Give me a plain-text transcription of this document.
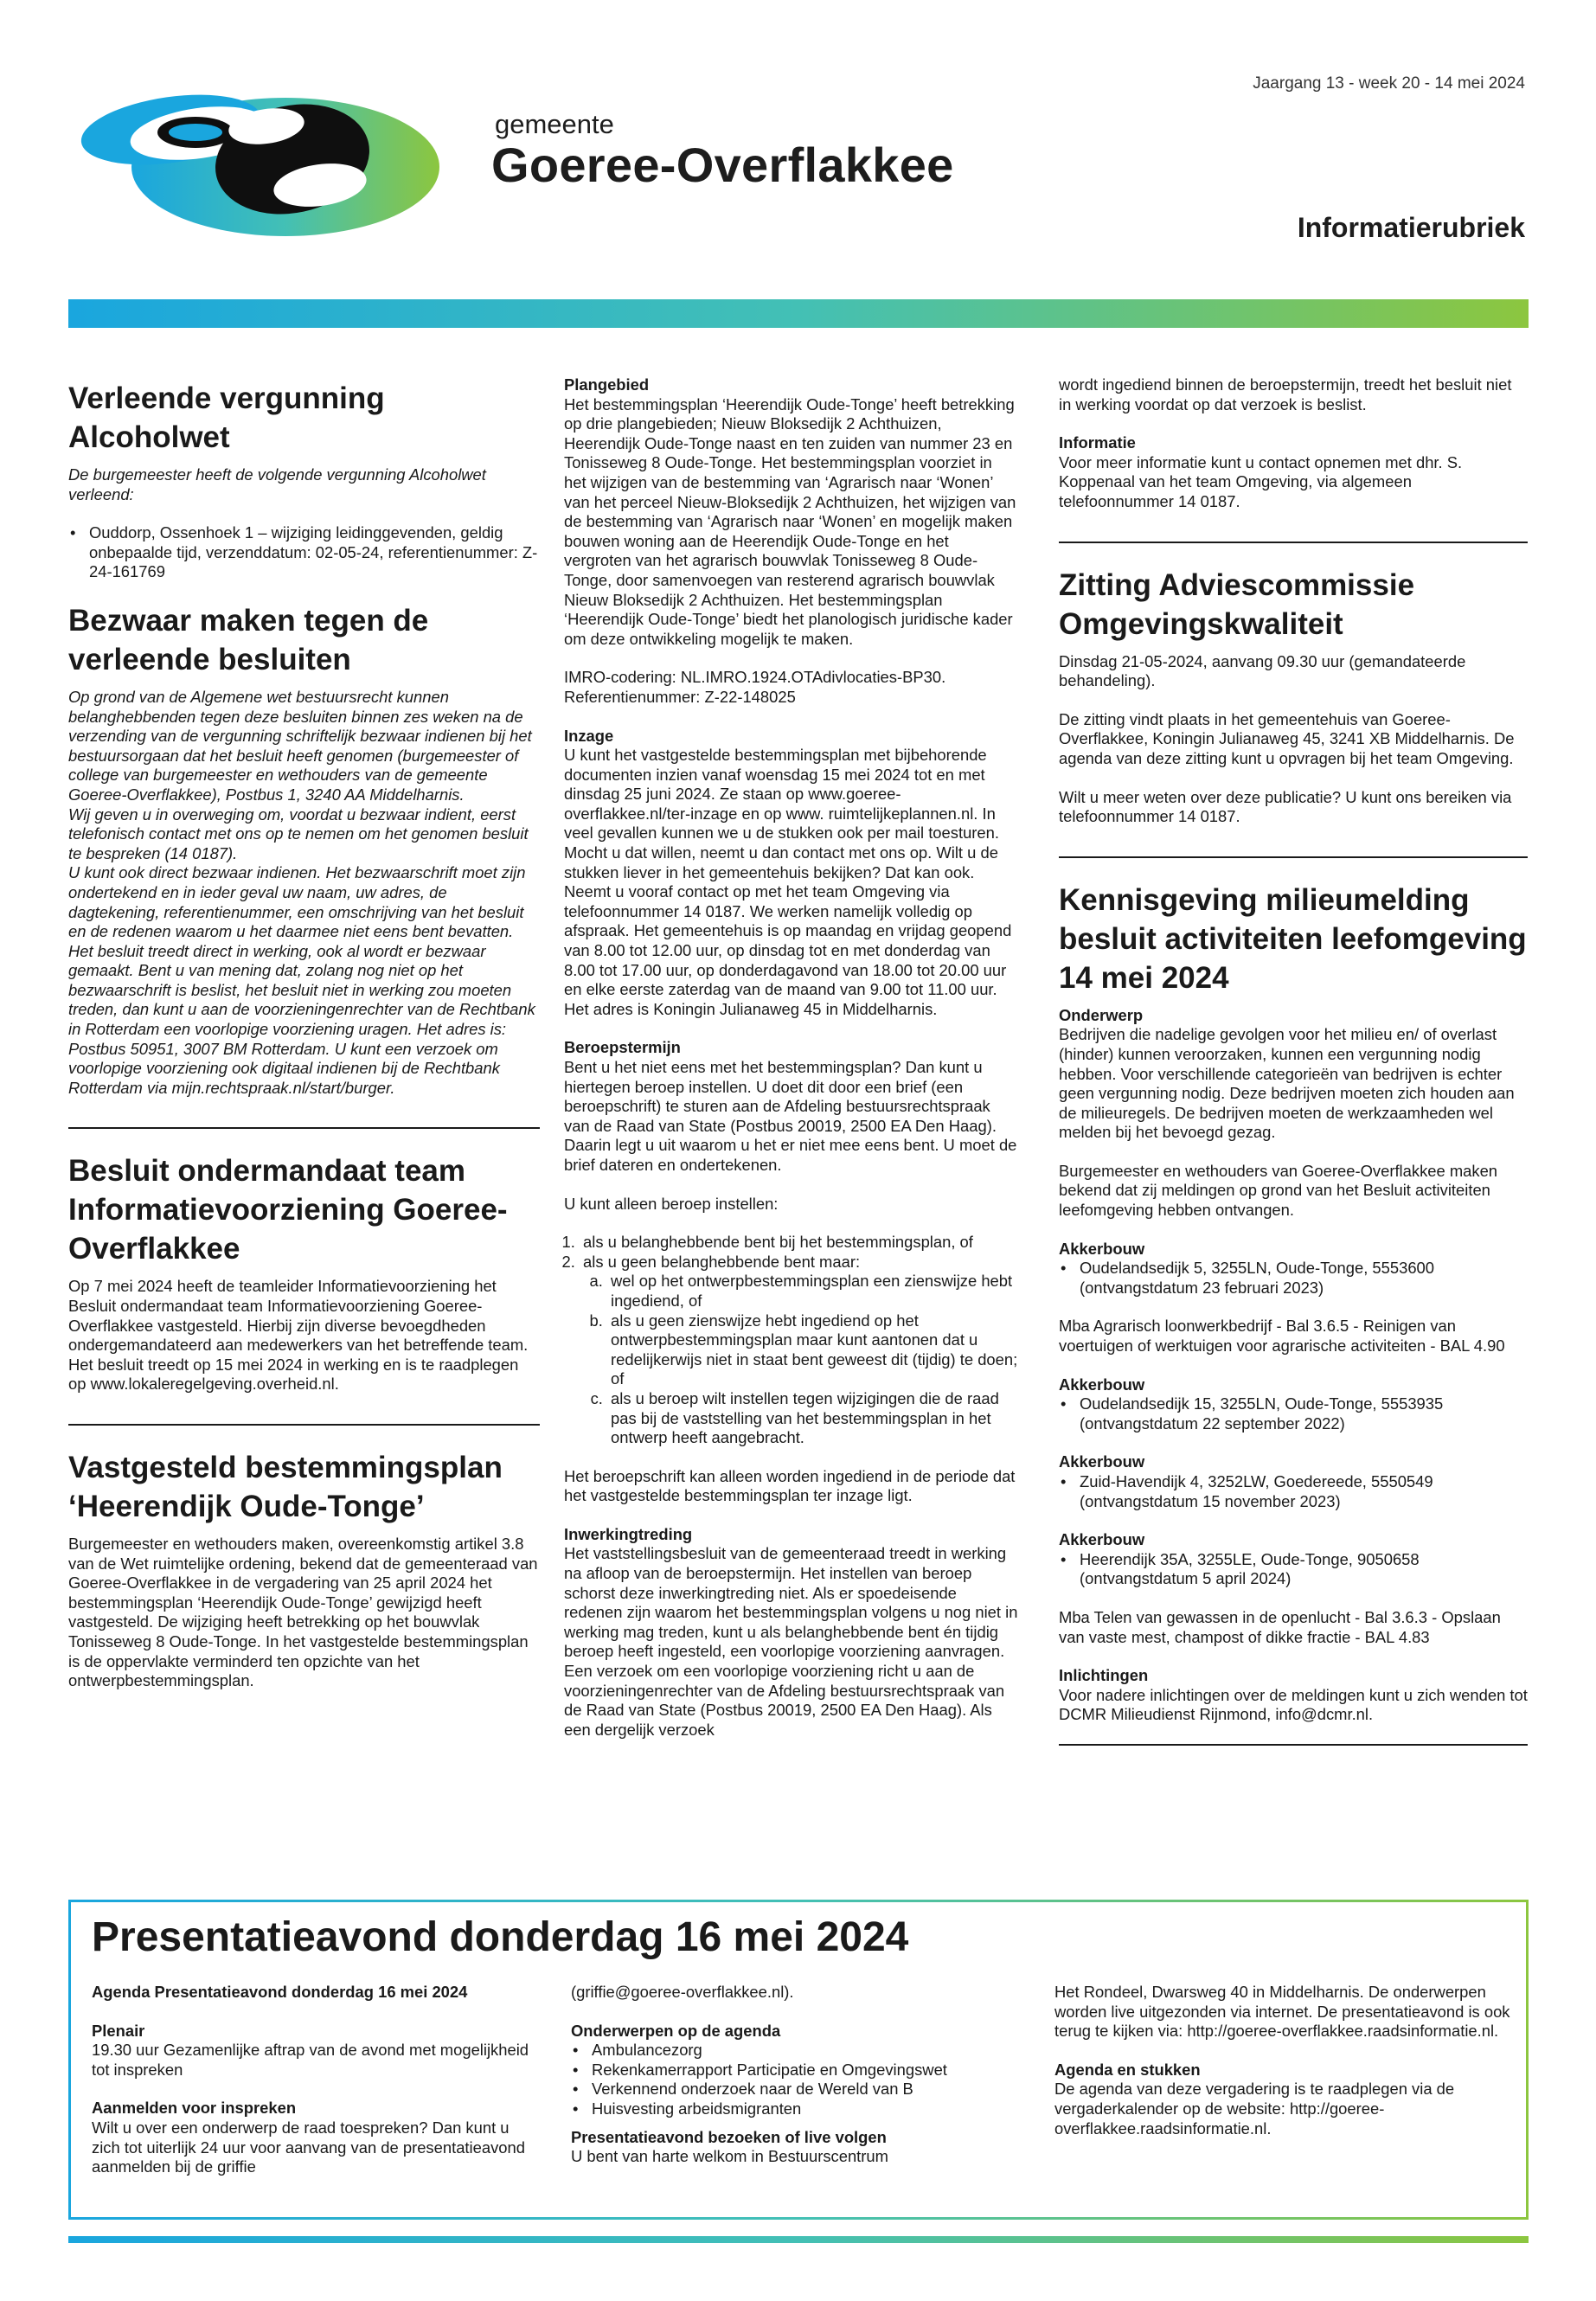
Jaargang 13 - week 20 - 14 mei 2024
gemeente
Goeree-Overflakkee
Informatierubriek
Verleende vergunning Alcoholwet

De burgemeester heeft de volgende vergunning Alcoholwet verleend:

• Ouddorp, Ossenhoek 1 – wijziging leidinggevenden, geldig onbepaalde tijd, verzenddatum: 02-05-24, referentienummer: Z-24-161769
Bezwaar maken tegen de verleende besluiten
Op grond van de Algemene wet bestuursrecht kunnen belanghebbenden tegen deze besluiten binnen zes weken na de verzending van de vergunning schriftelijk bezwaar indienen bij het bestuursorgaan dat het besluit heeft genomen (burgemeester of college van burgemeester en wethouders van de gemeente Goeree-Overflakkee), Postbus 1, 3240 AA Middelharnis.
Wij geven u in overweging om, voordat u bezwaar indient, eerst telefonisch contact met ons op te nemen om het genomen besluit te bespreken (14 0187).
U kunt ook direct bezwaar indienen. Het bezwaarschrift moet zijn ondertekend en in ieder geval uw naam, uw adres, de dagtekening, referentienummer, een omschrijving van het besluit en de redenen waarom u het daarmee niet eens bent bevatten.
Het besluit treedt direct in werking, ook al wordt er bezwaar gemaakt. Bent u van mening dat, zolang nog niet op het bezwaarschrift is beslist, het besluit niet in werking zou moeten treden, dan kunt u aan de voorzieningenrechter van de Rechtbank in Rotterdam een voorlopige voorziening uragen. Het adres is: Postbus 50951, 3007 BM Rotterdam. U kunt een verzoek om voorlopige voorziening ook digitaal indienen bij de Rechtbank Rotterdam via mijn.rechtspraak.nl/start/burger.
Besluit ondermandaat team Informatievoorziening Goeree-Overflakkee

Op 7 mei 2024 heeft de teamleider Informatievoorziening het Besluit ondermandaat team Informatievoorziening Goeree-Overflakkee vastgesteld. Hierbij zijn diverse bevoegdheden ondergemandateerd aan medewerkers van het betreffende team. Het besluit treedt op 15 mei 2024 in werking en is te raadplegen op www.lokaleregelgeving.overheid.nl.

Vastgesteld bestemmingsplan ‘Heerendijk Oude-Tonge’

Burgemeester en wethouders maken, overeenkomstig artikel 3.8 van de Wet ruimtelijke ordening, bekend dat de gemeenteraad van Goeree-Overflakkee in de vergadering van 25 april 2024 het bestemmingsplan ‘Heerendijk Oude-Tonge’ gewijzigd heeft vastgesteld. De wijziging heeft betrekking op het bouwvlak Tonisseweg 8 Oude-Tonge. In het vastgestelde bestemmingsplan is de oppervlakte verminderd ten opzichte van het ontwerpbestemmingsplan.

Plangebied

Het bestemmingsplan ‘Heerendijk Oude-Tonge’ heeft betrekking op drie plangebieden; Nieuw Bloksedijk 2 Achthuizen, Heerendijk Oude-Tonge naast en ten zuiden van nummer 23 en Tonisseweg 8 Oude-Tonge. Het bestemmingsplan voorziet in het wijzigen van de bestemming van ‘Agrarisch naar ‘Wonen’ van het perceel Nieuw-Bloksedijk 2 Achthuizen, het wijzigen van de bestemming van ‘Agrarisch naar ‘Wonen’ en mogelijk maken bouwen woning aan de Heerendijk Oude-Tonge en het vergroten van het agrarisch bouwvlak Tonisseweg 8 Oude-Tonge, door samenvoegen van resterend agrarisch bouwvlak Nieuw Bloksedijk 2 Achthuizen. Het bestemmingsplan ‘Heerendijk Oude-Tonge’ biedt het planologisch juridische kader om deze ontwikkeling mogelijk te maken.

IMRO-codering: NL.IMRO.1924.OTAdivlocaties-BP30.

Referentienummer: Z-22-148025

Inzage

U kunt het vastgestelde bestemmingsplan met bijbehorende documenten inzien vanaf woensdag 15 mei 2024 tot en met dinsdag 25 juni 2024. Ze staan op www.goeree-overflakkee.nl/ter-inzage en op www. ruimtelijkeplannen.nl. In veel gevallen kunnen we u de stukken ook per mail toesturen. Mocht u dat willen, neemt u dan contact met ons op. Wilt u de stukken liever in het gemeentehuis bekijken? Dat kan ook. Neemt u vooraf contact op met het team Omgeving via telefoonnummer 14 0187. We werken namelijk volledig op afspraak. Het gemeentehuis is op maandag en vrijdag geopend van 8.00 tot 12.00 uur, op dinsdag tot en met donderdag van 8.00 tot 17.00 uur, op donderdagavond van 18.00 tot 20.00 uur en elke eerste zaterdag van de maand van 9.00 tot 11.00 uur. Het adres is Koningin Julianaweg 45 in Middelharnis.

Beroepstermijn

Bent u het niet eens met het bestemmingsplan? Dan kunt u hiertegen beroep instellen. U doet dit door een brief (een beroepschrift) te sturen aan de Afdeling bestuursrechtspraak van de Raad van State (Postbus 20019, 2500 EA Den Haag). Daarin legt u uit waarom u het er niet mee eens bent. U moet de brief dateren en ondertekenen.

U kunt alleen beroep instellen:

1. als u belanghebbende bent bij het bestemmingsplan, of
2. als u geen belanghebbende bent maar:
a. wel op het ontwerpbestemmingsplan een zienswijze hebt ingediend, of
b. als u geen zienswijze hebt ingediend op het ontwerpbestemmingsplan maar kunt aantonen dat u redelijkerwijs niet in staat bent geweest dit (tijdig) te doen; of
c. als u beroep wilt instellen tegen wijzigingen die de raad pas bij de vaststelling van het bestemmingsplan in het ontwerp heeft aangebracht.

Het beroepschrift kan alleen worden ingediend in de periode dat het vastgestelde bestemmingsplan ter inzage ligt.

Inwerkingtreding

Het vaststellingsbesluit van de gemeenteraad treedt in werking na afloop van de beroepstermijn. Het instellen van beroep schorst deze inwerkingtreding niet. Als er spoedeisende redenen zijn waarom het bestemmingsplan volgens u nog niet in werking mag treden, kunt u als belanghebbende bent én tijdig beroep heeft ingesteld, een voorlopige voorziening aanvragen. Een verzoek om een voorlopige voorziening richt u aan de voorzieningenrechter van de Afdeling bestuursrechtspraak van de Raad van State (Postbus 20019, 2500 EA Den Haag). Als een dergelijk verzoek

wordt ingediend binnen de beroepstermijn, treedt het besluit niet in werking voordat op dat verzoek is beslist.

Informatie

Voor meer informatie kunt u contact opnemen met dhr. S. Koppenaal van het team Omgeving, via algemeen telefoonnummer 14 0187.

Zitting Adviescommissie Omgevingskwaliteit

Dinsdag 21-05-2024, aanvang 09.30 uur (gemandateerde behandeling).

De zitting vindt plaats in het gemeentehuis van Goeree-Overflakkee, Koningin Julianaweg 45, 3241 XB Middelharnis. De agenda van deze zitting kunt u opvragen bij het team Omgeving.

Wilt u meer weten over deze publicatie? U kunt ons bereiken via telefoonnummer 14 0187.

Kennisgeving milieumelding besluit activiteiten leefomgeving 14 mei 2024
Onderwerp

Bedrijven die nadelige gevolgen voor het milieu en/ of overlast (hinder) kunnen veroorzaken, kunnen een vergunning nodig hebben. Voor verschillende categorieën van bedrijven is echter geen vergunning nodig. Deze bedrijven moeten zich houden aan de milieuregels. De bedrijven moeten de werkzaamheden wel melden bij het bevoegd gezag.

Burgemeester en wethouders van Goeree-Overflakkee maken bekend dat zij meldingen op grond van het Besluit activiteiten leefomgeving hebben ontvangen.

Akkerbouw
• Oudelandsedijk 5, 3255LN, Oude-Tonge, 5553600 (ontvangstdatum 23 februari 2023)

Mba Agrarisch loonwerkbedrijf - Bal 3.6.5 - Reinigen van voertuigen of werktuigen voor agrarische activiteiten - BAL 4.90

Akkerbouw
• Oudelandsedijk 15, 3255LN, Oude-Tonge, 5553935 (ontvangstdatum 22 september 2022)
Akkerbouw
• Zuid-Havendijk 4, 3252LW, Goedereede, 5550549 (ontvangstdatum 15 november 2023)
Akkerbouw
• Heerendijk 35A, 3255LE, Oude-Tonge, 9050658 (ontvangstdatum 5 april 2024)

Mba Telen van gewassen in de openlucht - Bal 3.6.3 - Opslaan van vaste mest, champost of dikke fractie - BAL 4.83

Inlichtingen

Voor nadere inlichtingen over de meldingen kunt u zich wenden tot DCMR Milieudienst Rijnmond, info@dcmr.nl.

Presentatieavond donderdag 16 mei 2024
Agenda Presentatieavond donderdag 16 mei 2024
Plenair

19.30 uur Gezamenlijke aftrap van de avond met mogelijkheid tot inspreken

Aanmelden voor inspreken

Wilt u over een onderwerp de raad toespreken? Dan kunt u zich tot uiterlijk 24 uur voor aanvang van de presentatieavond aanmelden bij de griffie

(griffie@goeree-overflakkee.nl).

Onderwerpen op de agenda
• Ambulancezorg
• Rekenkamerrapport Participatie en Omgevingswet
• Verkennend onderzoek naar de Wereld van B
• Huisvesting arbeidsmigranten
Presentatieavond bezoeken of live volgen

U bent van harte welkom in Bestuurscentrum

Het Rondeel, Dwarsweg 40 in Middelharnis. De onderwerpen worden live uitgezonden via internet. De presentatieavond is ook terug te kijken via: http://goeree-overflakkee.raadsinformatie.nl.

Agenda en stukken

De agenda van deze vergadering is te raadplegen via de vergaderkalender op de website: http://goeree-overflakkee.raadsinformatie.nl.
